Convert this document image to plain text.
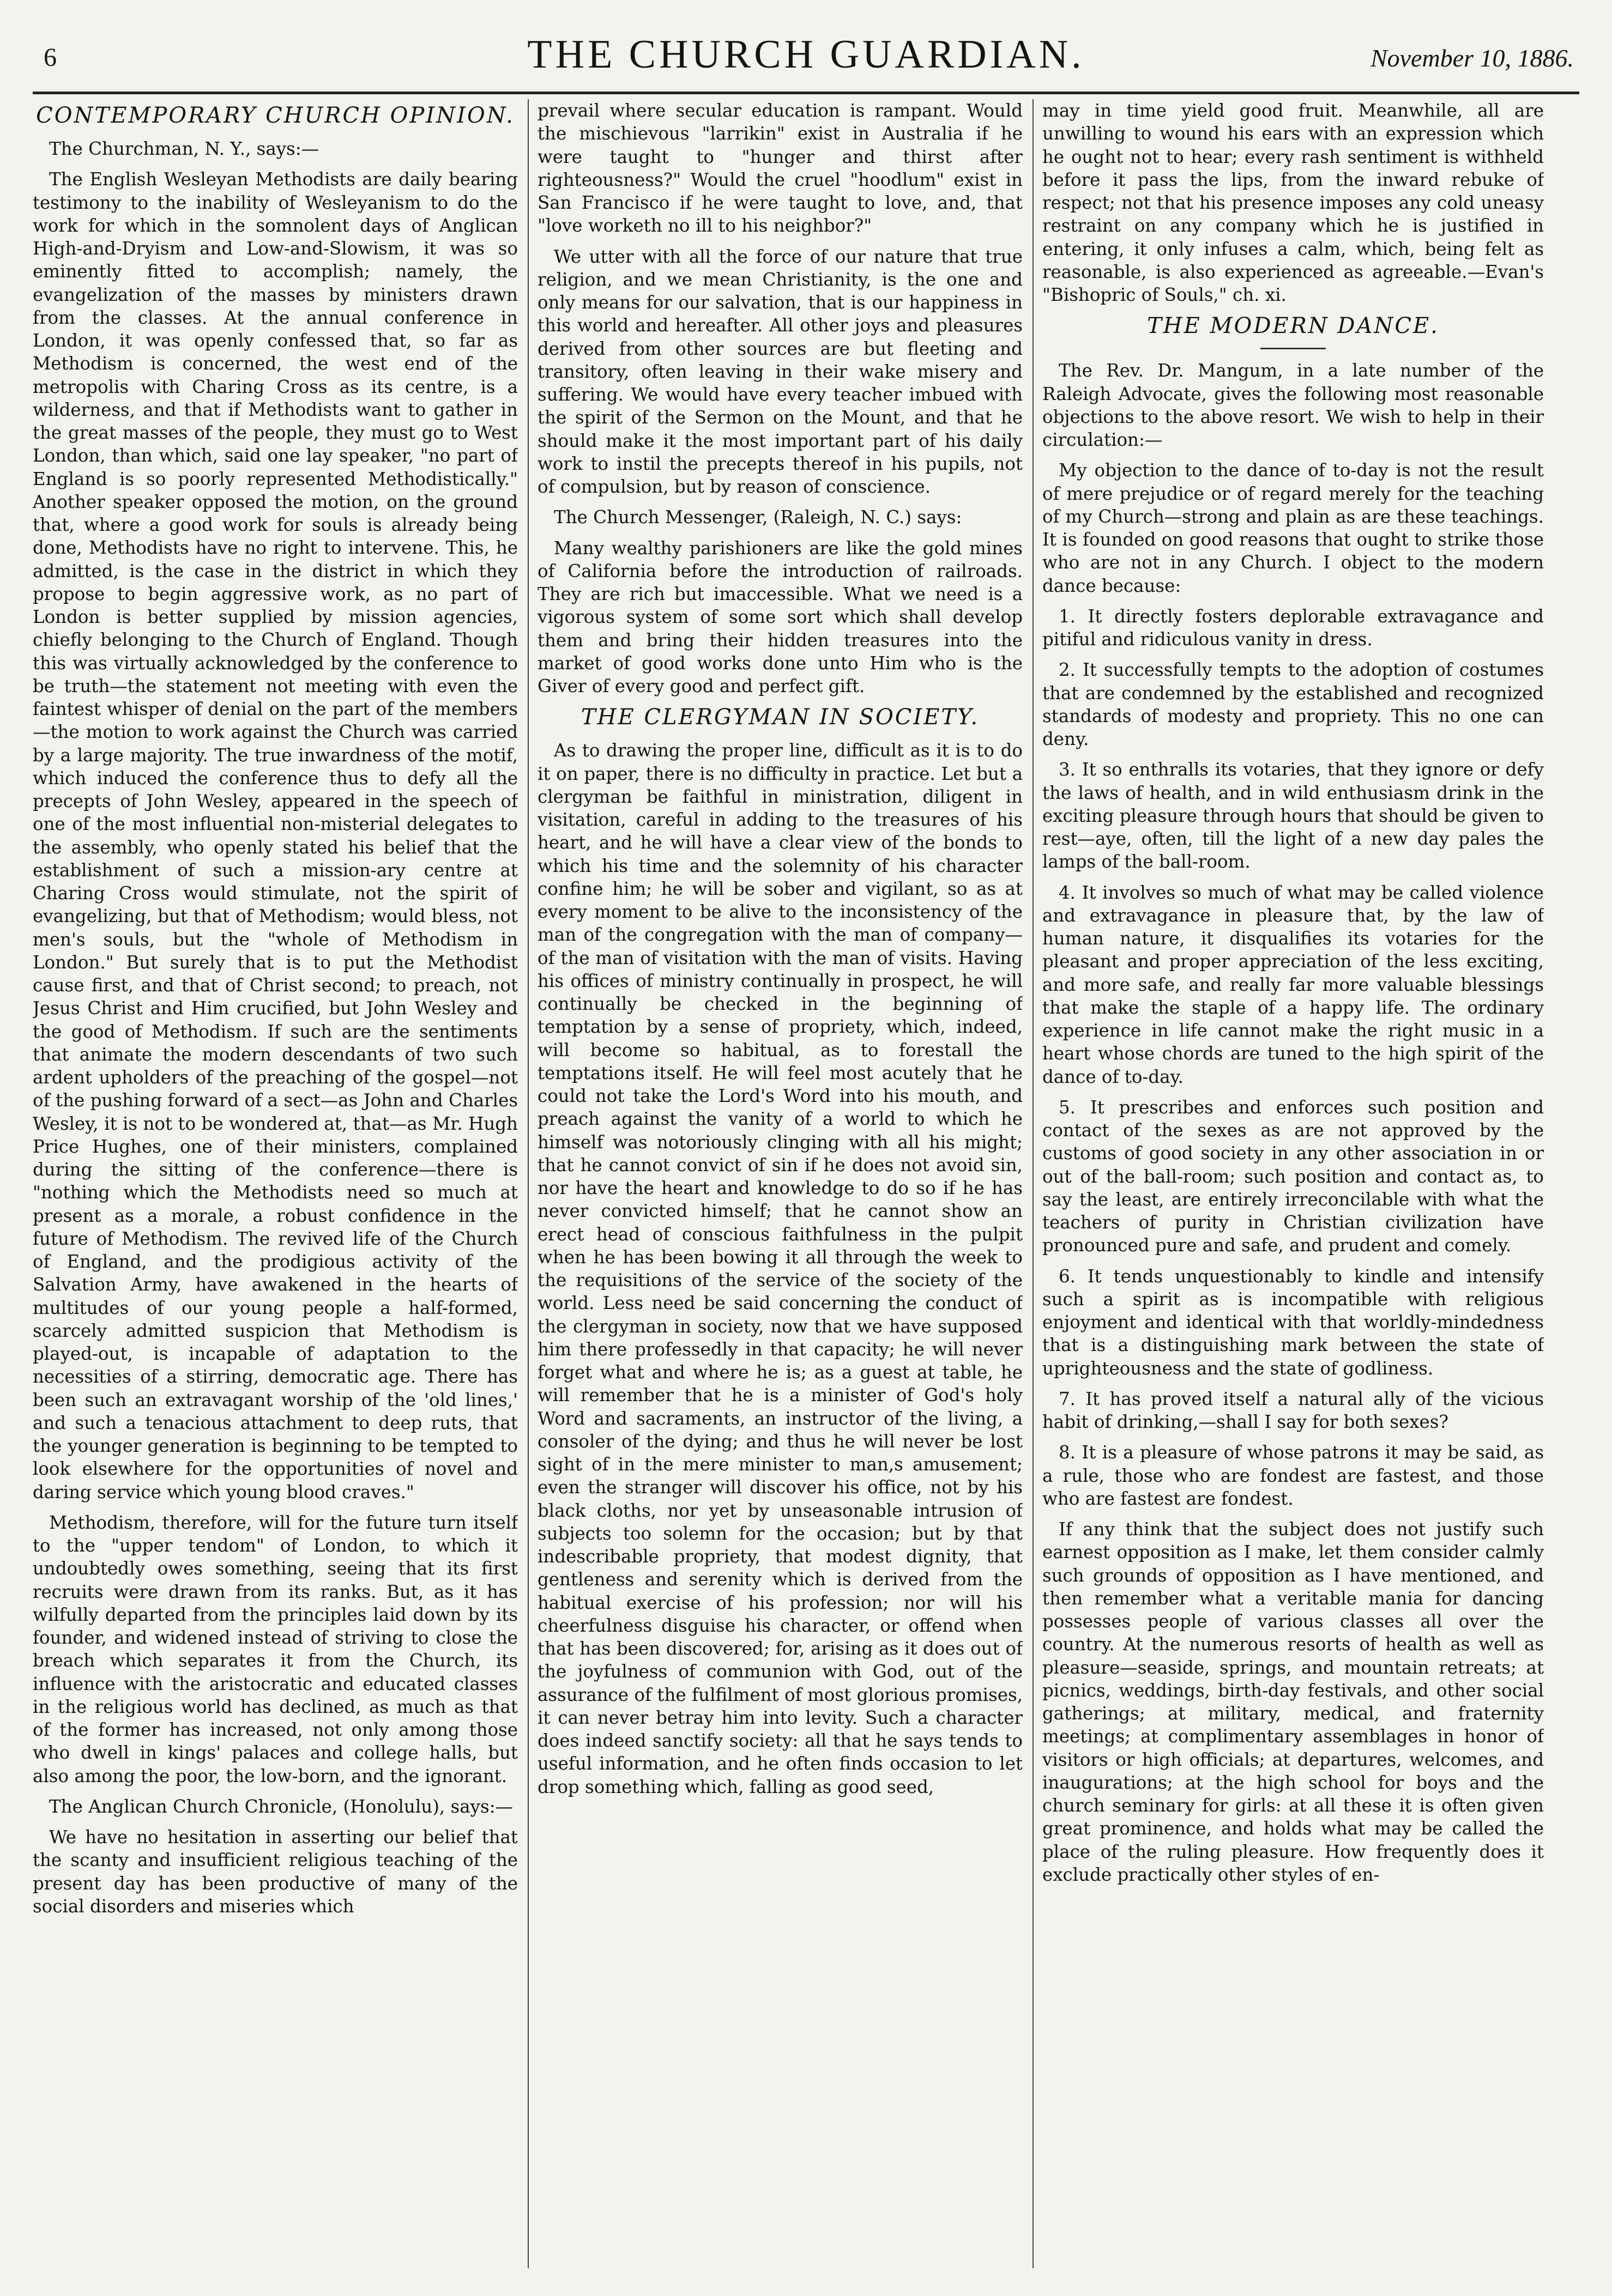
6	THE CHURCH GUARDIAN.	November 10, 1886.
CONTEMPORARY CHURCH OPINION.

The Churchman, N. Y., says:—

The English Wesleyan Methodists are daily bearing testimony to the inability of Wesleyanism to do the work for which in the somnolent days of Anglican High-and-Dryism and Low-and-Slowism, it was so eminently fitted to accomplish; namely, the evangelization of the masses by ministers drawn from the classes. At the annual conference in London, it was openly confessed that, so far as Methodism is concerned, the west end of the metropolis with Charing Cross as its centre, is a wilderness, and that if Methodists want to gather in the great masses of the people, they must go to West London, than which, said one lay speaker, "no part of England is so poorly represented Methodistically." Another speaker opposed the motion, on the ground that, where a good work for souls is already being done, Methodists have no right to intervene. This, he admitted, is the case in the district in which they propose to begin aggressive work, as no part of London is better supplied by mission agencies, chiefly belonging to the Church of England. Though this was virtually acknowledged by the conference to be truth—the statement not meeting with even the faintest whisper of denial on the part of the members—the motion to work against the Church was carried by a large majority. The true inwardness of the motif, which induced the conference thus to defy all the precepts of John Wesley, appeared in the speech of one of the most influential non-misterial delegates to the assembly, who openly stated his belief that the establishment of such a mission-ary centre at Charing Cross would stimulate, not the spirit of evangelizing, but that of Methodism; would bless, not men's souls, but the "whole of Methodism in London." But surely that is to put the Methodist cause first, and that of Christ second; to preach, not Jesus Christ and Him crucified, but John Wesley and the good of Methodism. If such are the sentiments that animate the modern descendants of two such ardent upholders of the preaching of the gospel—not of the pushing forward of a sect—as John and Charles Wesley, it is not to be wondered at, that—as Mr. Hugh Price Hughes, one of their ministers, complained during the sitting of the conference—there is "nothing which the Methodists need so much at present as a morale, a robust confidence in the future of Methodism. The revived life of the Church of England, and the prodigious activity of the Salvation Army, have awakened in the hearts of multitudes of our young people a half-formed, scarcely admitted suspicion that Methodism is played-out, is incapable of adaptation to the necessities of a stirring, democratic age. There has been such an extravagant worship of the 'old lines,' and such a tenacious attachment to deep ruts, that the younger generation is beginning to be tempted to look elsewhere for the opportunities of novel and daring service which young blood craves."

Methodism, therefore, will for the future turn itself to the "upper tendom" of London, to which it undoubtedly owes something, seeing that its first recruits were drawn from its ranks. But, as it has wilfully departed from the principles laid down by its founder, and widened instead of striving to close the breach which separates it from the Church, its influence with the aristocratic and educated classes in the religious world has declined, as much as that of the former has increased, not only among those who dwell in kings' palaces and college halls, but also among the poor, the low-born, and the ignorant.

The Anglican Church Chronicle, (Honolulu), says:—

We have no hesitation in asserting our belief that the scanty and insufficient religious teaching of the present day has been productive of many of the social disorders and miseries which

prevail where secular education is rampant. Would the mischievous "larrikin" exist in Australia if he were taught to "hunger and thirst after righteousness?" Would the cruel "hoodlum" exist in San Francisco if he were taught to love, and, that "love worketh no ill to his neighbor?"

We utter with all the force of our nature that true religion, and we mean Christianity, is the one and only means for our salvation, that is our happiness in this world and hereafter. All other joys and pleasures derived from other sources are but fleeting and transitory, often leaving in their wake misery and suffering. We would have every teacher imbued with the spirit of the Sermon on the Mount, and that he should make it the most important part of his daily work to instil the precepts thereof in his pupils, not of compulsion, but by reason of conscience.

The Church Messenger, (Raleigh, N. C.) says:

Many wealthy parishioners are like the gold mines of California before the introduction of railroads. They are rich but imaccessible. What we need is a vigorous system of some sort which shall develop them and bring their hidden treasures into the market of good works done unto Him who is the Giver of every good and perfect gift.

THE CLERGYMAN IN SOCIETY.

As to drawing the proper line, difficult as it is to do it on paper, there is no difficulty in practice. Let but a clergyman be faithful in ministration, diligent in visitation, careful in adding to the treasures of his heart, and he will have a clear view of the bonds to which his time and the solemnity of his character confine him; he will be sober and vigilant, so as at every moment to be alive to the inconsistency of the man of the congregation with the man of company—of the man of visitation with the man of visits. Having his offices of ministry continually in prospect, he will continually be checked in the beginning of temptation by a sense of propriety, which, indeed, will become so habitual, as to forestall the temptations itself. He will feel most acutely that he could not take the Lord's Word into his mouth, and preach against the vanity of a world to which he himself was notoriously clinging with all his might; that he cannot convict of sin if he does not avoid sin, nor have the heart and knowledge to do so if he has never convicted himself; that he cannot show an erect head of conscious faithfulness in the pulpit when he has been bowing it all through the week to the requisitions of the service of the society of the world. Less need be said concerning the conduct of the clergyman in society, now that we have supposed him there professedly in that capacity; he will never forget what and where he is; as a guest at table, he will remember that he is a minister of God's holy Word and sacraments, an instructor of the living, a consoler of the dying; and thus he will never be lost sight of in the mere minister to man,s amusement; even the stranger will discover his office, not by his black cloths, nor yet by unseasonable intrusion of subjects too solemn for the occasion; but by that indescribable propriety, that modest dignity, that gentleness and serenity which is derived from the habitual exercise of his profession; nor will his cheerfulness disguise his character, or offend when that has been discovered; for, arising as it does out of the joyfulness of communion with God, out of the assurance of the fulfilment of most glorious promises, it can never betray him into levity. Such a character does indeed sanctify society: all that he says tends to useful information, and he often finds occasion to let drop something which, falling as good seed,

may in time yield good fruit. Meanwhile, all are unwilling to wound his ears with an expression which he ought not to hear; every rash sentiment is withheld before it pass the lips, from the inward rebuke of respect; not that his presence imposes any cold uneasy restraint on any company which he is justified in entering, it only infuses a calm, which, being felt as reasonable, is also experienced as agreeable.—Evan's "Bishopric of Souls," ch. xi.

THE MODERN DANCE.

The Rev. Dr. Mangum, in a late number of the Raleigh Advocate, gives the following most reasonable objections to the above resort. We wish to help in their circulation:—

My objection to the dance of to-day is not the result of mere prejudice or of regard merely for the teaching of my Church—strong and plain as are these teachings. It is founded on good reasons that ought to strike those who are not in any Church. I object to the modern dance because:

1. It directly fosters deplorable extravagance and pitiful and ridiculous vanity in dress.

2. It successfully tempts to the adoption of costumes that are condemned by the established and recognized standards of modesty and propriety. This no one can deny.

3. It so enthralls its votaries, that they ignore or defy the laws of health, and in wild enthusiasm drink in the exciting pleasure through hours that should be given to rest—aye, often, till the light of a new day pales the lamps of the ball-room.

4. It involves so much of what may be called violence and extravagance in pleasure that, by the law of human nature, it disqualifies its votaries for the pleasant and proper appreciation of the less exciting, and more safe, and really far more valuable blessings that make the staple of a happy life. The ordinary experience in life cannot make the right music in a heart whose chords are tuned to the high spirit of the dance of to-day.

5. It prescribes and enforces such position and contact of the sexes as are not approved by the customs of good society in any other association in or out of the ball-room; such position and contact as, to say the least, are entirely irreconcilable with what the teachers of purity in Christian civilization have pronounced pure and safe, and prudent and comely.

6. It tends unquestionably to kindle and intensify such a spirit as is incompatible with religious enjoyment and identical with that worldly-mindedness that is a distinguishing mark between the state of uprighteousness and the state of godliness.

7. It has proved itself a natural ally of the vicious habit of drinking,—shall I say for both sexes?

8. It is a pleasure of whose patrons it may be said, as a rule, those who are fondest are fastest, and those who are fastest are fondest.

If any think that the subject does not justify such earnest opposition as I make, let them consider calmly such grounds of opposition as I have mentioned, and then remember what a veritable mania for dancing possesses people of various classes all over the country. At the numerous resorts of health as well as pleasure—seaside, springs, and mountain retreats; at picnics, weddings, birth-day festivals, and other social gatherings; at military, medical, and fraternity meetings; at complimentary assemblages in honor of visitors or high officials; at departures, welcomes, and inaugurations; at the high school for boys and the church seminary for girls: at all these it is often given great prominence, and holds what may be called the place of the ruling pleasure. How frequently does it exclude practically other styles of en-
